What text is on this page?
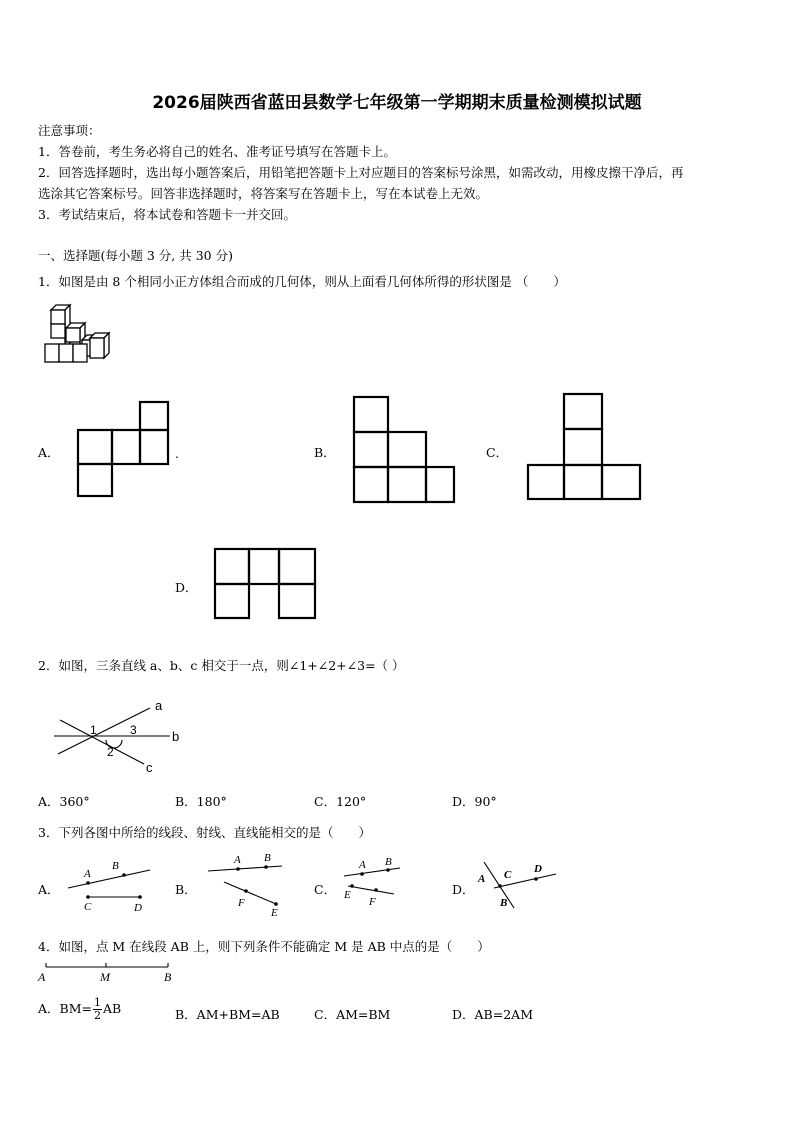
2026届陕西省蓝田县数学七年级第一学期期末质量检测模拟试题
注意事项：
1．答卷前，考生务必将自己的姓名、准考证号填写在答题卡上。
2．回答选择题时，选出每小题答案后，用铅笔把答题卡上对应题目的答案标号涂黑，如需改动，用橡皮擦干净后，再
选涂其它答案标号。回答非选择题时，将答案写在答题卡上，写在本试卷上无效。
3．考试结束后，将本试卷和答题卡一并交回。
一、选择题(每小题 3 分, 共 30 分)
1．如图是由 8 个相同小正方体组合而成的几何体，则从上面看几何体所得的形状图是 （　　）
A．	.	B．	C．
D．
2．如图，三条直线 a、b、c 相交于一点，则∠1+∠2+∠3=（ ）
a
b
c
1
2
3
A．360°	B．180°	C．120°	D．90°
3．下列各图中所给的线段、射线、直线能相交的是（　　）
A．
A
B
C	D
B．
A B
F
E
C．
A B
E
F
D．
A C D
B
4．如图，点 M 在线段 AB 上，则下列条件不能确定 M 是 AB 中点的是（　　）
A	M	B
A．$BM= \frac{1}{2}$ AB	B．AM+BM=AB	C．AM=BM	D．AB=2AM
